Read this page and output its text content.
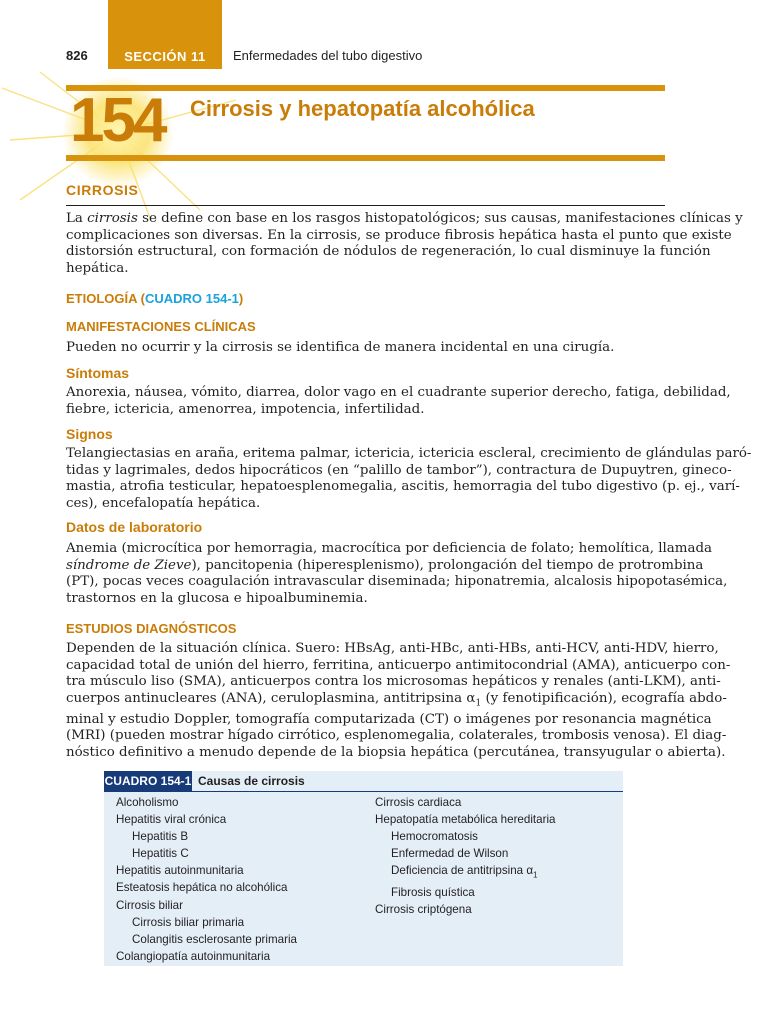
826	SECCIÓN 11	Enfermedades del tubo digestivo
154 Cirrosis y hepatopatía alcohólica
CIRROSIS
La cirrosis se define con base en los rasgos histopatológicos; sus causas, manifestaciones clínicas y
complicaciones son diversas. En la cirrosis, se produce fibrosis hepática hasta el punto que existe
distorsión estructural, con formación de nódulos de regeneración, lo cual disminuye la función
hepática.
ETIOLOGÍA (CUADRO 154-1)
MANIFESTACIONES CLÍNICAS
Pueden no ocurrir y la cirrosis se identifica de manera incidental en una cirugía.
Síntomas
Anorexia, náusea, vómito, diarrea, dolor vago en el cuadrante superior derecho, fatiga, debilidad,
fiebre, ictericia, amenorrea, impotencia, infertilidad.
Signos
Telangiectasias en araña, eritema palmar, ictericia, ictericia escleral, crecimiento de glándulas paró-
tidas y lagrimales, dedos hipocráticos (en “palillo de tambor”), contractura de Dupuytren, gineco-
mastia, atrofia testicular, hepatoesplenomegalia, ascitis, hemorragia del tubo digestivo (p. ej., varí-
ces), encefalopatía hepática.
Datos de laboratorio
Anemia (microcítica por hemorragia, macrocítica por deficiencia de folato; hemolítica, llamada
síndrome de Zieve), pancitopenia (hiperesplenismo), prolongación del tiempo de protrombina
(PT), pocas veces coagulación intravascular diseminada; hiponatremia, alcalosis hipopotasémica,
trastornos en la glucosa e hipoalbuminemia.
ESTUDIOS DIAGNÓSTICOS
Dependen de la situación clínica. Suero: HBsAg, anti-HBc, anti-HBs, anti-HCV, anti-HDV, hierro,
capacidad total de unión del hierro, ferritina, anticuerpo antimitocondrial (AMA), anticuerpo con-
tra músculo liso (SMA), anticuerpos contra los microsomas hepáticos y renales (anti-LKM), anti-
cuerpos antinucleares (ANA), ceruloplasmina, antitripsina $\alpha_1$ (y fenotipificación), ecografía abdo-
minal y estudio Doppler, tomografía computarizada (CT) o imágenes por resonancia magnética
(MRI) (pueden mostrar hígado cirrótico, esplenomegalia, colaterales, trombosis venosa). El diag-
nóstico definitivo a menudo depende de la biopsia hepática (percutánea, transyugular o abierta).
CUADRO 154-1 Causas de cirrosis
Alcoholismo
Hepatitis viral crónica
Hepatitis B
Hepatitis C
Hepatitis autoinmunitaria
Esteatosis hepática no alcohólica
Cirrosis biliar
Cirrosis biliar primaria
Colangitis esclerosante primaria
Colangiopatía autoinmunitaria
Cirrosis cardiaca
Hepatopatía metabólica hereditaria
Hemocromatosis
Enfermedad de Wilson
Deficiencia de antitripsina $\alpha_1$
Fibrosis quística
Cirrosis criptógena
